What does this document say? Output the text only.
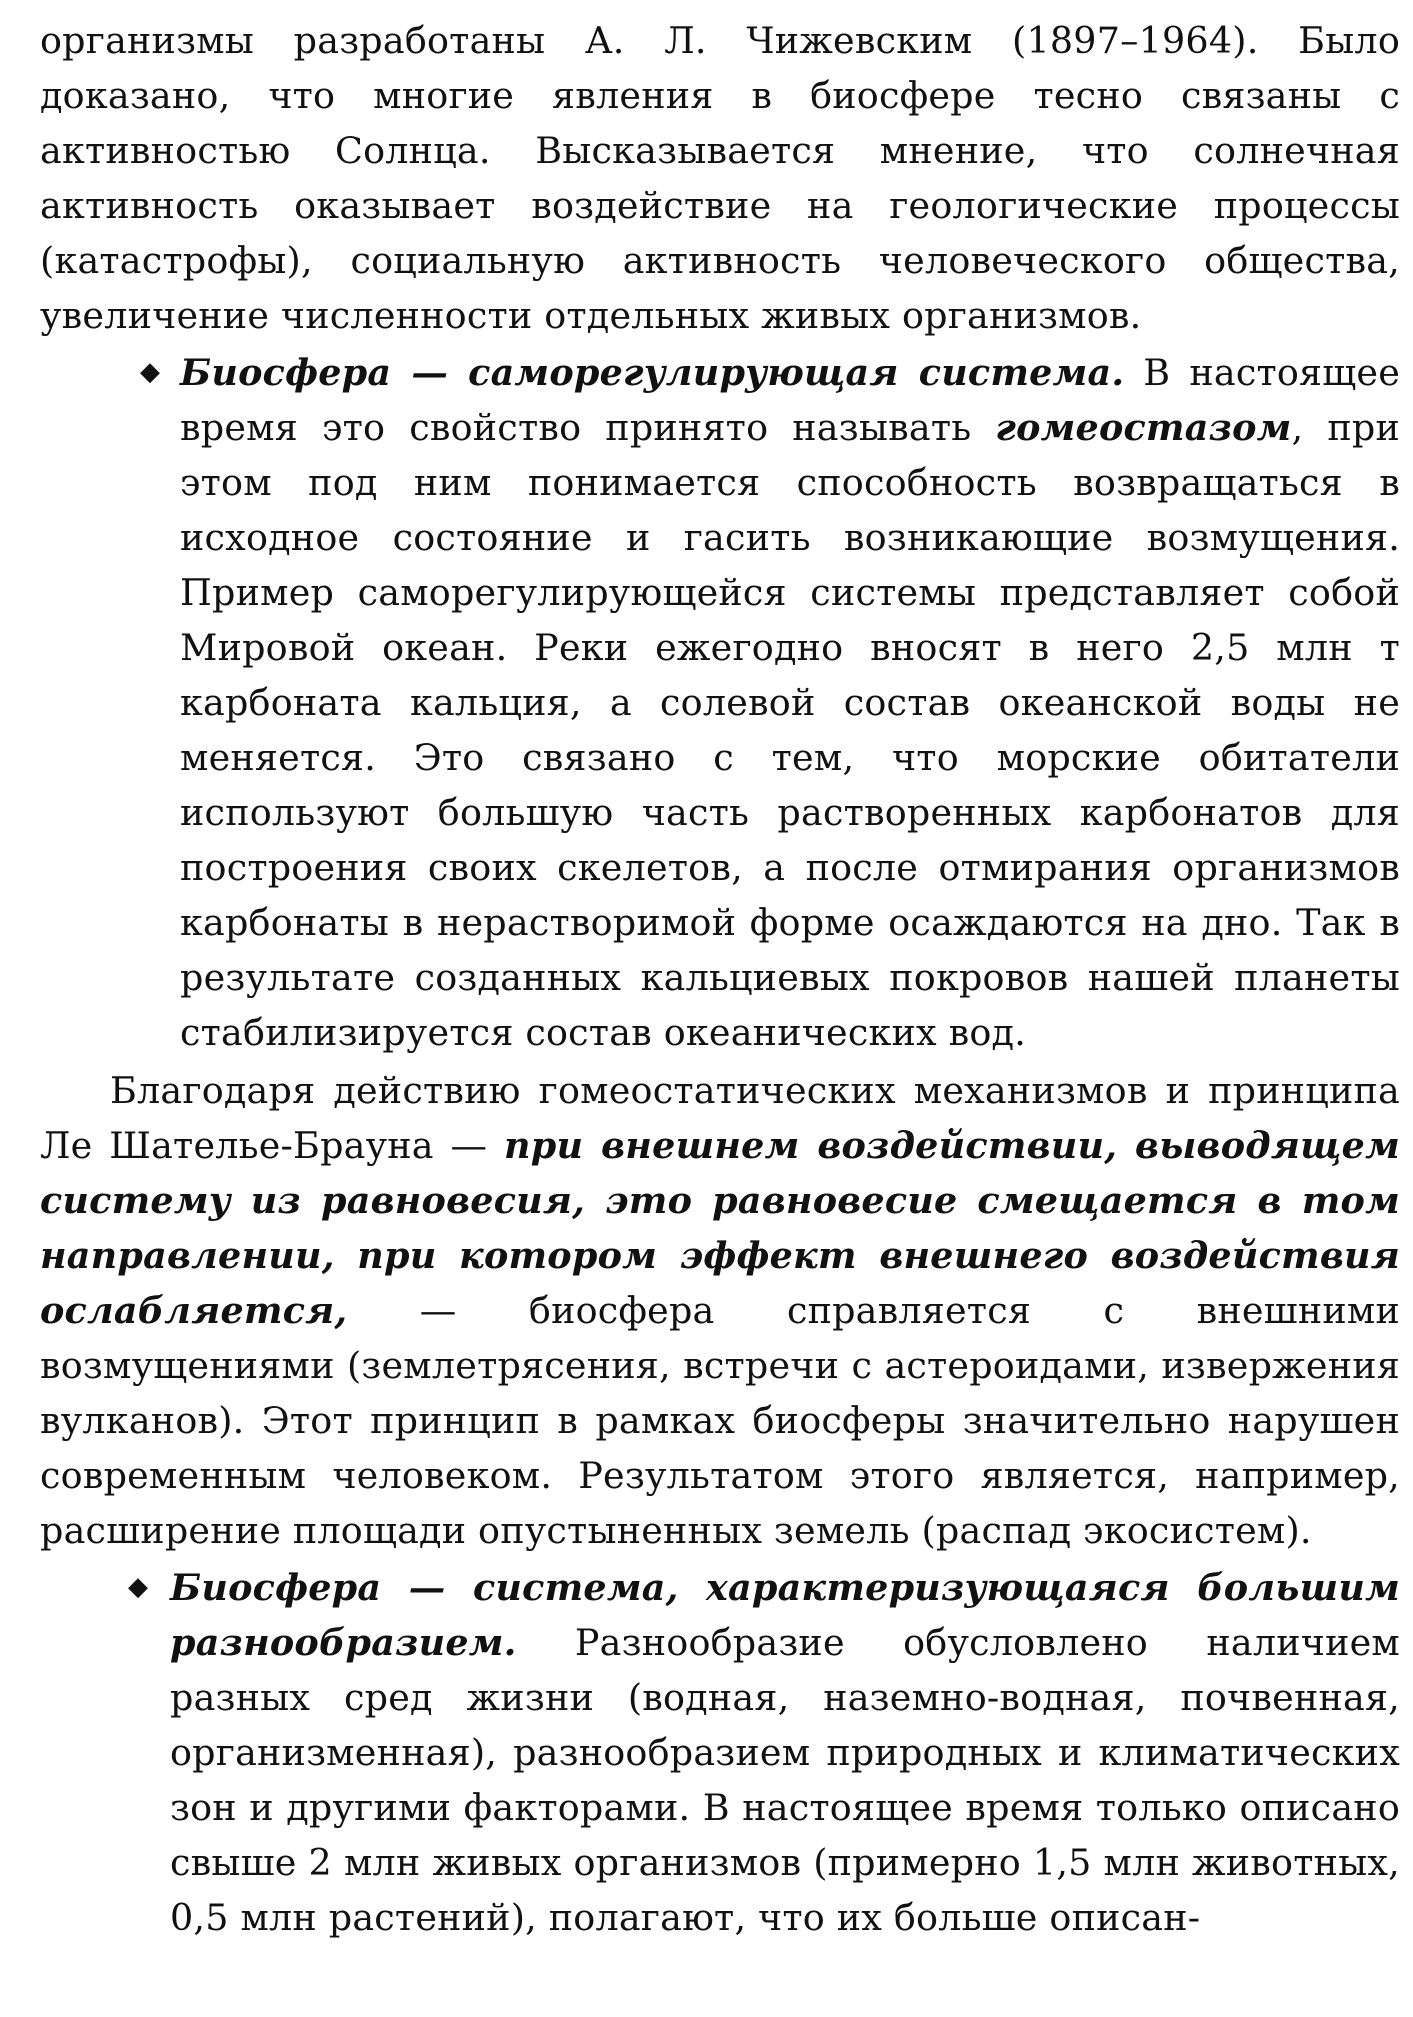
организмы разработаны А. Л. Чижевским (1897–1964). Было доказано, что многие явления в биосфере тесно связаны с активностью Солнца. Высказывается мнение, что солнечная активность оказывает воздействие на геологические процессы (катастрофы), социальную активность человеческого общества, увеличение численности отдельных живых организмов.

◆ Биосфера — саморегулирующая система. В настоящее время это свойство принято называть гомеостазом, при этом под ним понимается способность возвращаться в исходное состояние и гасить возникающие возмущения. Пример саморегулирующейся системы представляет собой Мировой океан. Реки ежегодно вносят в него 2,5 млн т карбоната кальция, а солевой состав океанской воды не меняется. Это связано с тем, что морские обитатели используют большую часть растворенных карбонатов для построения своих скелетов, а после отмирания организмов карбонаты в нерастворимой форме осаждаются на дно. Так в результате созданных кальциевых покровов нашей планеты стабилизируется состав океанических вод.

Благодаря действию гомеостатических механизмов и принципа Ле Шателье-Брауна — при внешнем воздействии, выводящем систему из равновесия, это равновесие смещается в том направлении, при котором эффект внешнего воздействия ослабляется, — биосфера справляется с внешними возмущениями (землетрясения, встречи с астероидами, извержения вулканов). Этот принцип в рамках биосферы значительно нарушен современным человеком. Результатом этого является, например, расширение площади опустыненных земель (распад экосистем).

◆ Биосфера — система, характеризующаяся большим разнообразием. Разнообразие обусловлено наличием разных сред жизни (водная, наземно-водная, почвенная, организменная), разнообразием природных и климатических зон и другими факторами. В настоящее время только описано свыше 2 млн живых организмов (примерно 1,5 млн животных, 0,5 млн растений), полагают, что их больше описан-
